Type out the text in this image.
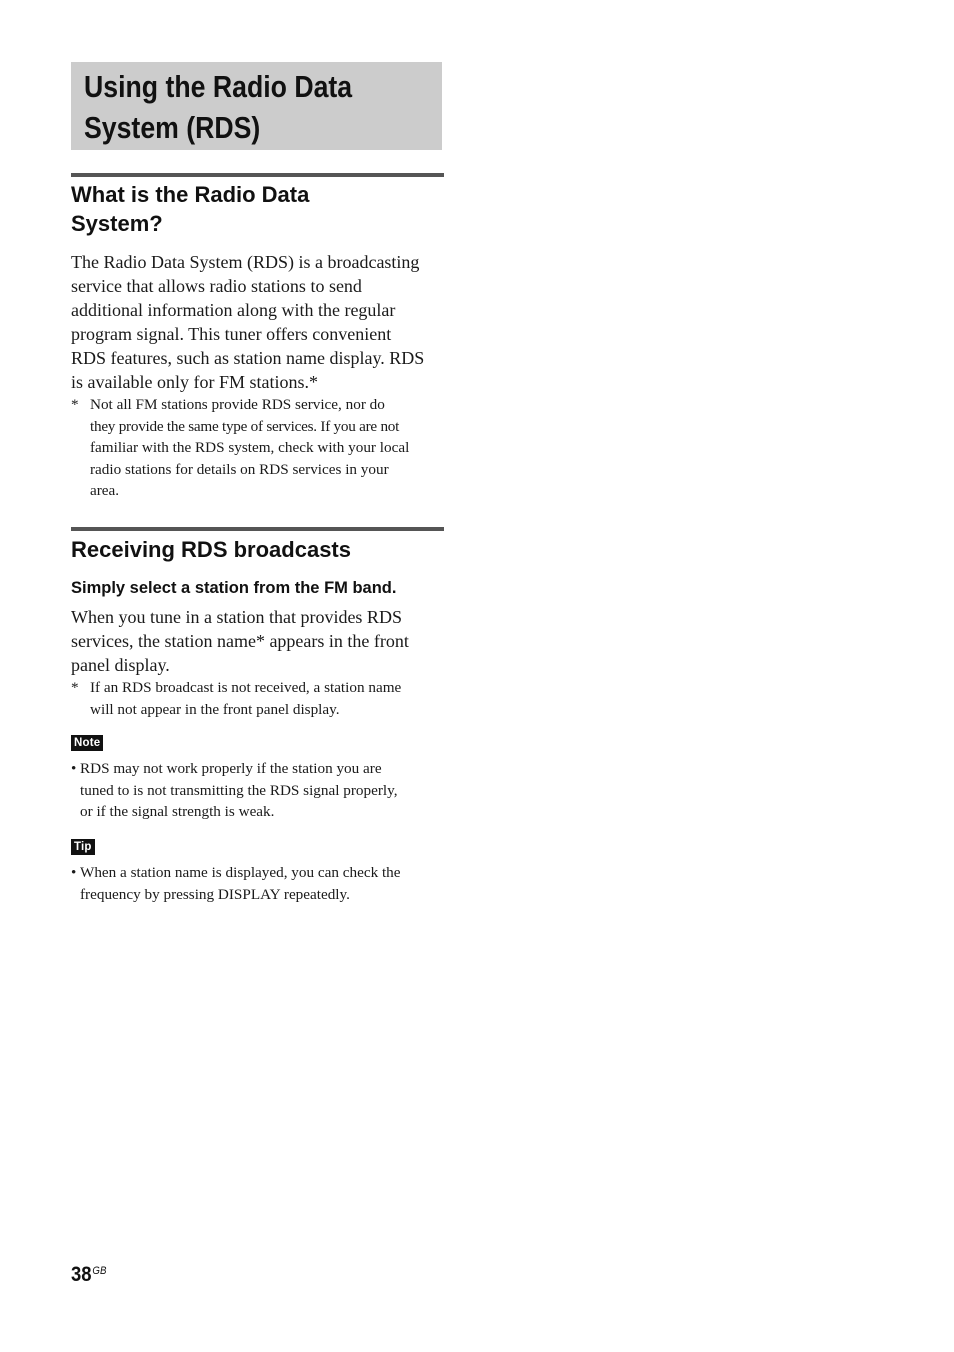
Using the Radio Data
System (RDS)
What is the Radio Data
System?

The Radio Data System (RDS) is a broadcasting
service that allows radio stations to send
additional information along with the regular
program signal. This tuner offers convenient
RDS features, such as station name display. RDS
is available only for FM stations.*

* Not all FM stations provide RDS service, nor do
they provide the same type of services. If you are not
familiar with the RDS system, check with your local
radio stations for details on RDS services in your
area.
Receiving RDS broadcasts

Simply select a station from the FM band.

When you tune in a station that provides RDS
services, the station name* appears in the front
panel display.

* If an RDS broadcast is not received, a station name
will not appear in the front panel display.
Note
• RDS may not work properly if the station you are
tuned to is not transmitting the RDS signal properly,
or if the signal strength is weak.
Tip
• When a station name is displayed, you can check the
frequency by pressing DISPLAY repeatedly.
$38^{GB}$
